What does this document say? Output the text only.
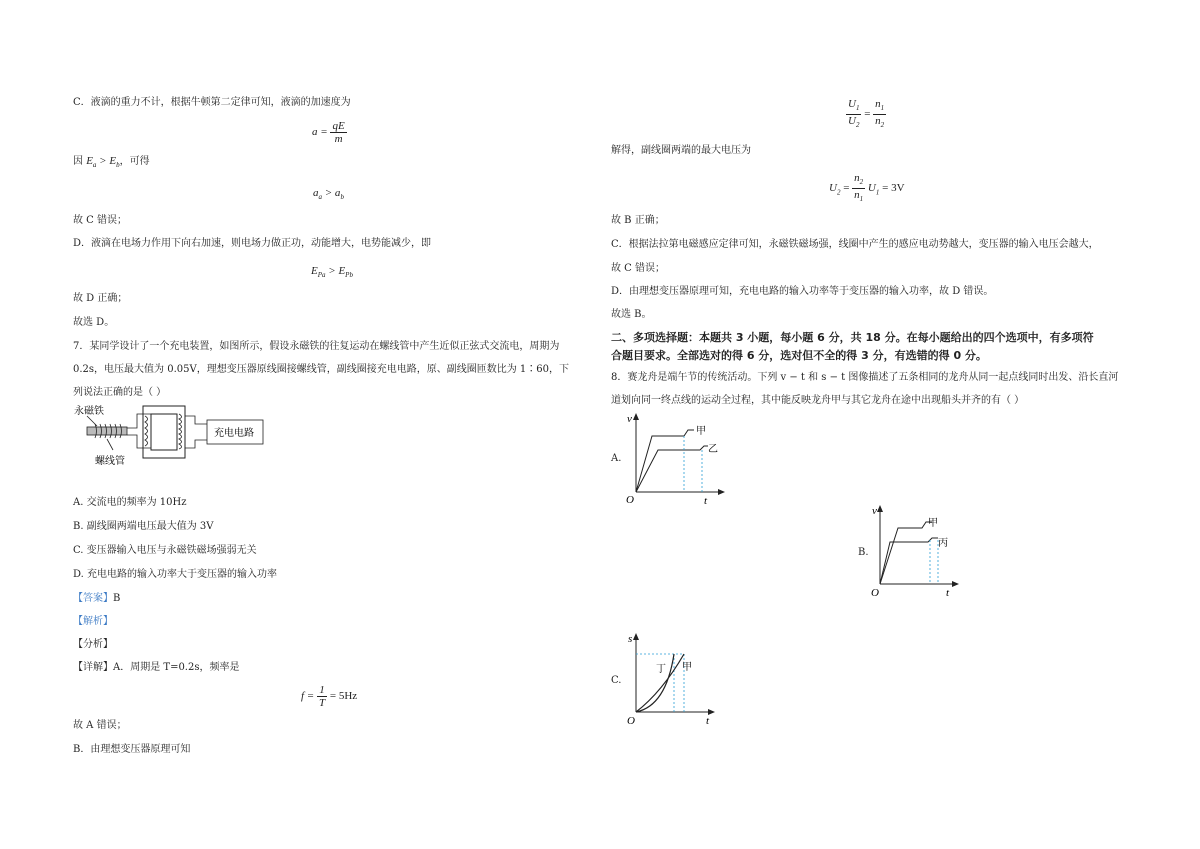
C．液滴的重力不计，根据牛顿第二定律可知，液滴的加速度为
$a = \frac{qE}{m}$
因 $E_a > E_b$，可得
$a_a > a_b$
故 C 错误；
D．液滴在电场力作用下向右加速，则电场力做正功，动能增大，电势能减少，即
$E_{Pa} > E_{Pb}$
故 D 正确；
故选 D。
7．某同学设计了一个充电装置，如图所示，假设永磁铁的往复运动在螺线管中产生近似正弦式交流电，周期为
0.2s，电压最大值为 0.05V，理想变压器原线圈接螺线管，副线圈接充电电路，原、副线圈匝数比为 1∶60，下
列说法正确的是（ ）
永磁铁
螺线管
充电电路
A. 交流电的频率为 10Hz
B. 副线圈两端电压最大值为 3V
C. 变压器输入电压与永磁铁磁场强弱无关
D. 充电电路的输入功率大于变压器的输入功率
【答案】B
【解析】
【分析】
【详解】A．周期是 T=0.2s，频率是
$f = \frac{1}{T} = 5Hz$
故 A 错误；
B．由理想变压器原理可知
$\frac{U_1}{U_2} = \frac{n_1}{n_2}$
解得，副线圈两端的最大电压为
$U_2 = \frac{n_2}{n_1} U_1 = 3V$
故 B 正确；
C．根据法拉第电磁感应定律可知，永磁铁磁场强，线圈中产生的感应电动势越大，变压器的输入电压会越大，
故 C 错误；
D．由理想变压器原理可知，充电电路的输入功率等于变压器的输入功率，故 D 错误。
故选 B。
二、多项选择题：本题共 3 小题，每小题 6 分，共 18 分。在每小题给出的四个选项中，有多项符
合题目要求。全部选对的得 6 分，选对但不全的得 3 分，有选错的得 0 分。
8．赛龙舟是端午节的传统活动。下列 v − t 和 s − t 图像描述了五条相同的龙舟从同一起点线同时出发、沿长直河
道划向同一终点线的运动全过程，其中能反映龙舟甲与其它龙舟在途中出现船头并齐的有（ ）
A.
v
O	t
甲
乙
B.
v
O	t
甲
丙
C.
s
O	t
丁 甲
